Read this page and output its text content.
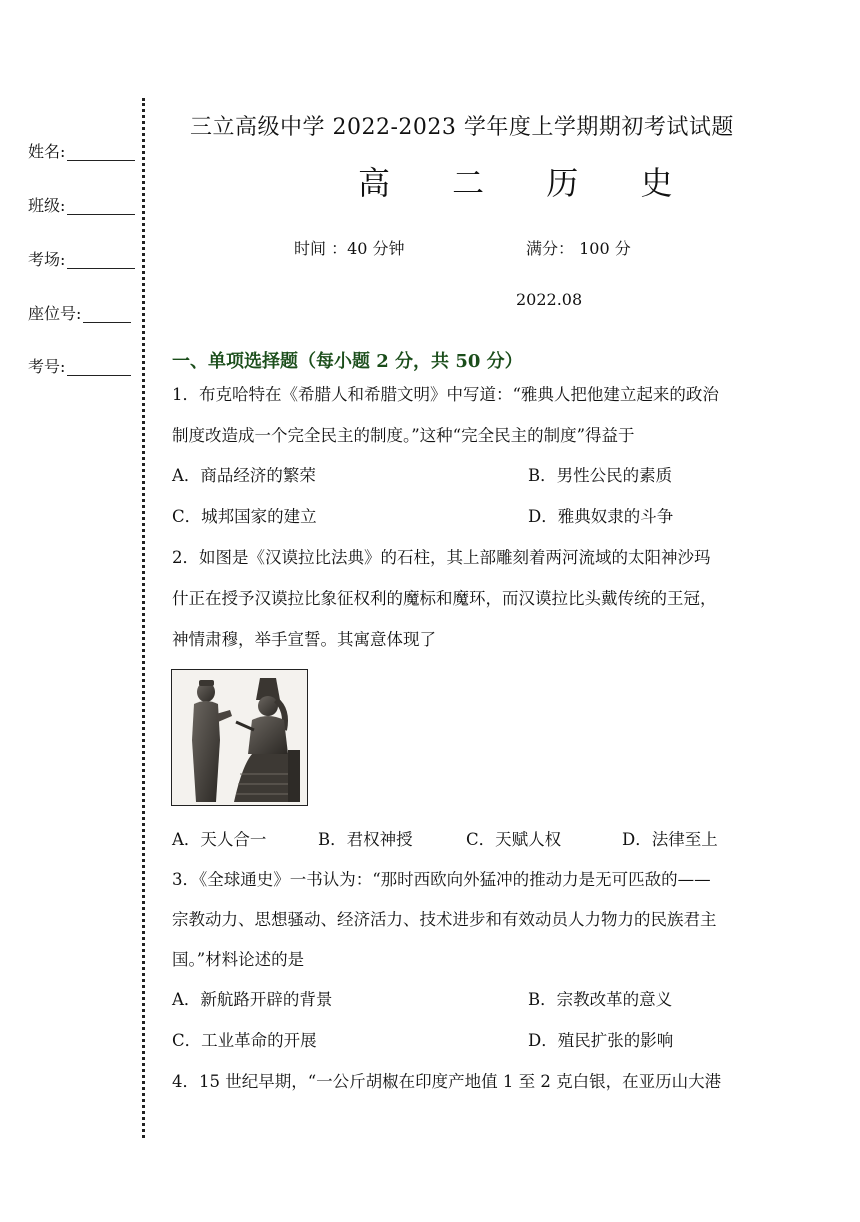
姓名:
班级:
考场:
座位号:
考号:
三立高级中学 2022-2023 学年度上学期期初考试试题
高 二 历 史
时间 ：40 分钟	满分： 100 分
2022.08
一、单项选择题（每小题 2 分，共 50 分）
1．布克哈特在《希腊人和希腊文明》中写道：“雅典人把他建立起来的政治
制度改造成一个完全民主的制度。”这种“完全民主的制度”得益于
A．商品经济的繁荣	B．男性公民的素质
C．城邦国家的建立	D．雅典奴隶的斗争
2．如图是《汉谟拉比法典》的石柱，其上部雕刻着两河流域的太阳神沙玛
什正在授予汉谟拉比象征权利的魔标和魔环，而汉谟拉比头戴传统的王冠，
神情肃穆，举手宣誓。其寓意体现了
A．天人合一	B．君权神授	C．天赋人权	D．法律至上
3．《全球通史》一书认为：“那时西欧向外猛冲的推动力是无可匹敌的——
宗教动力、思想骚动、经济活力、技术进步和有效动员人力物力的民族君主
国。”材料论述的是
A．新航路开辟的背景	B．宗教改革的意义
C．工业革命的开展	D．殖民扩张的影响
4．15 世纪早期，“一公斤胡椒在印度产地值 1 至 2 克白银，在亚历山大港
